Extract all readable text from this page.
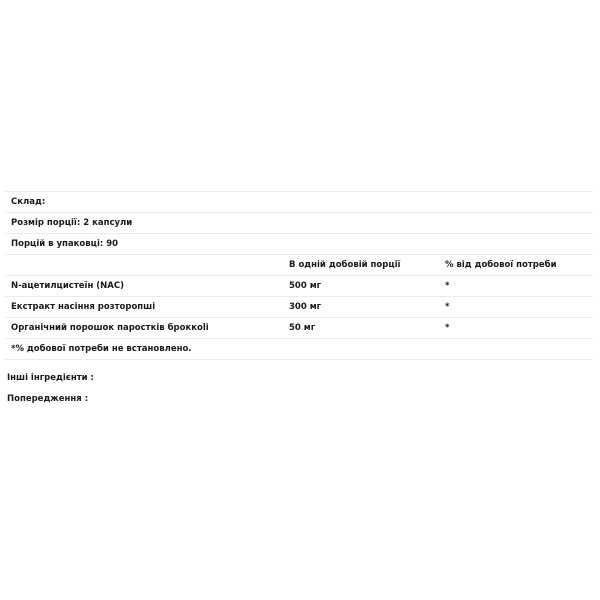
Склад:		
Розмір порції: 2 капсули		
Порцій в упаковці: 90		
	В одній добовій порції	% від добової потреби
N-ацетилцистеїн (NAC)	500 мг	*
Екстракт насіння розторопші	300 мг	*
Органічний порошок паростків броккolі	50 мг	*
*% добової потреби не встановлено.		
Інші інгредієнти :
Попередження :
